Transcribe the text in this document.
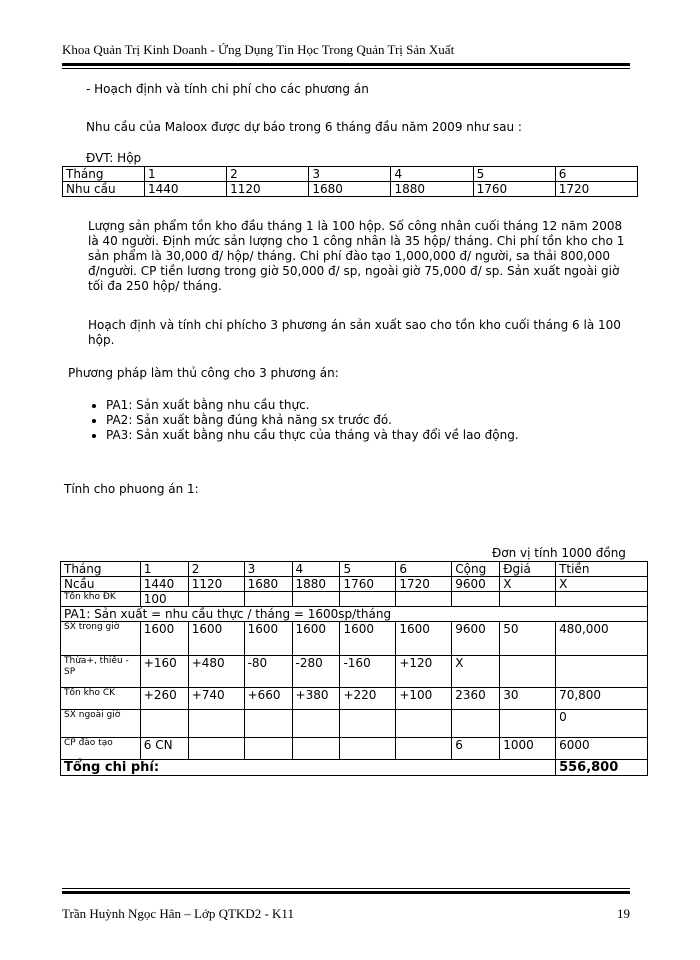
Khoa Quản Trị Kinh Doanh - Ứng Dụng Tin Học Trong Quản Trị Sản Xuất
- Hoạch định và tính chi phí cho các phương án
Nhu cầu của Maloox được dự báo trong 6 tháng đầu năm 2009 như sau :
ĐVT: Hộp
Tháng	1	2	3	4	5	6
Nhu cầu	1440	1120	1680	1880	1760	1720
Lượng sản phẩm tồn kho đầu tháng 1 là 100 hộp. Số công nhân cuối tháng 12 năm 2008 là 40 người. Định mức sản lượng cho 1 công nhân là 35 hộp/ tháng. Chi phí tồn kho cho 1 sản phẩm là 30,000 đ/ hộp/ tháng. Chi phí đào tạo 1,000,000 đ/ người, sa thải 800,000 đ/người. CP tiền lương trong giờ 50,000 đ/ sp, ngoài giờ 75,000 đ/ sp. Sản xuất ngoài giờ tối đa 250 hộp/ tháng.
Hoạch định và tính chi phícho 3 phương án sản xuất sao cho tồn kho cuối tháng 6 là 100 hộp.
Phương pháp làm thủ công cho 3 phương án:
• PA1: Sản xuất bằng nhu cầu thực.
• PA2: Sản xuất bằng đúng khả năng sx trước đó.
• PA3: Sản xuất bằng nhu cầu thực của tháng và thay đổi về lao động.
Tính cho phuong án 1:
Đơn vị tính 1000 đồng
Tháng	1	2	3	4	5	6	Cộng	Đgiá	Ttiền
Ncầu	1440	1120	1680	1880	1760	1720	9600	X	X
Tồn kho ĐK	100								
PA1: Sản xuất = nhu cầu thực / tháng = 1600sp/tháng									
SX trong giờ	1600	1600	1600	1600	1600	1600	9600	50	480,000
Thừa+, thiếu - SP	+160	+480	-80	-280	-160	+120	X		
Tồn kho CK	+260	+740	+660	+380	+220	+100	2360	30	70,800
SX ngoài giờ									0
CP đào tạo	6 CN						6	1000	6000
Tổng chi phí:									556,800
Trần Huỳnh Ngọc Hân – Lớp QTKD2 - K11	19
